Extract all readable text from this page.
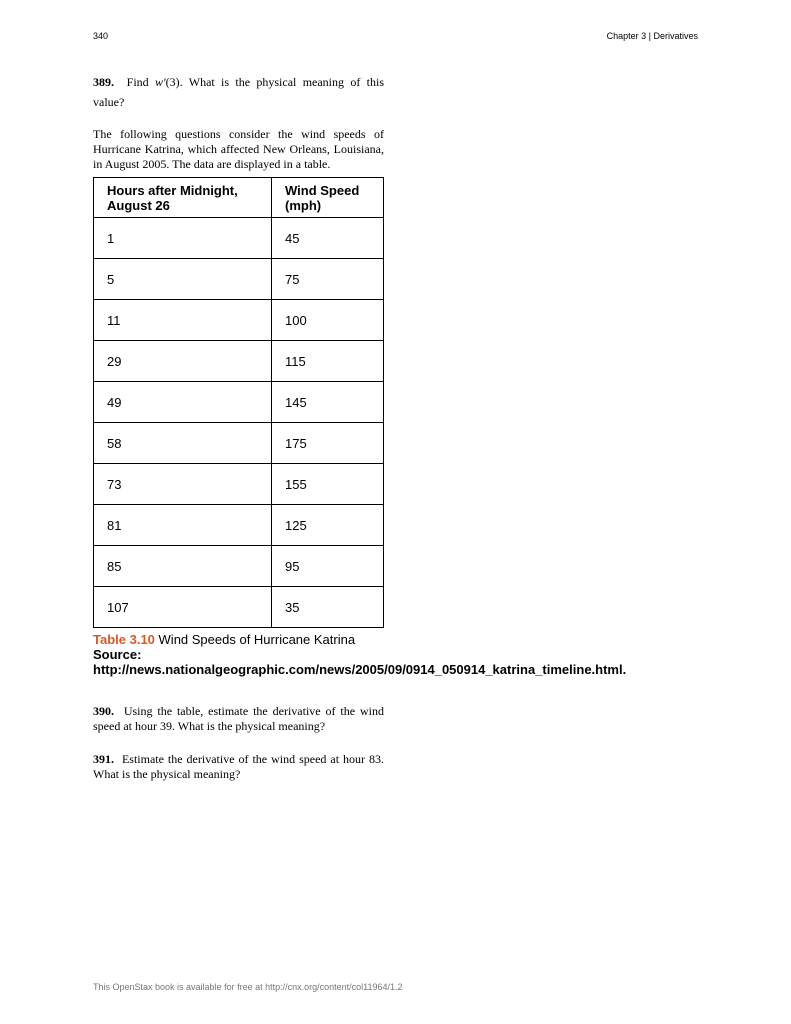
340	Chapter 3 | Derivatives
389. Find w′(3). What is the physical meaning of this value?
The following questions consider the wind speeds of Hurricane Katrina, which affected New Orleans, Louisiana, in August 2005. The data are displayed in a table.
Hours after Midnight, August 26	Wind Speed (mph)
1	45
5	75
11	100
29	115
49	145
58	175
73	155
81	125
85	95
107	35
Table 3.10 Wind Speeds of Hurricane Katrina Source: http://news.nationalgeographic.com/news/2005/09/0914_050914_katrina_timeline.html.
390. Using the table, estimate the derivative of the wind speed at hour 39. What is the physical meaning?
391. Estimate the derivative of the wind speed at hour 83. What is the physical meaning?
This OpenStax book is available for free at http://cnx.org/content/col11964/1.2
